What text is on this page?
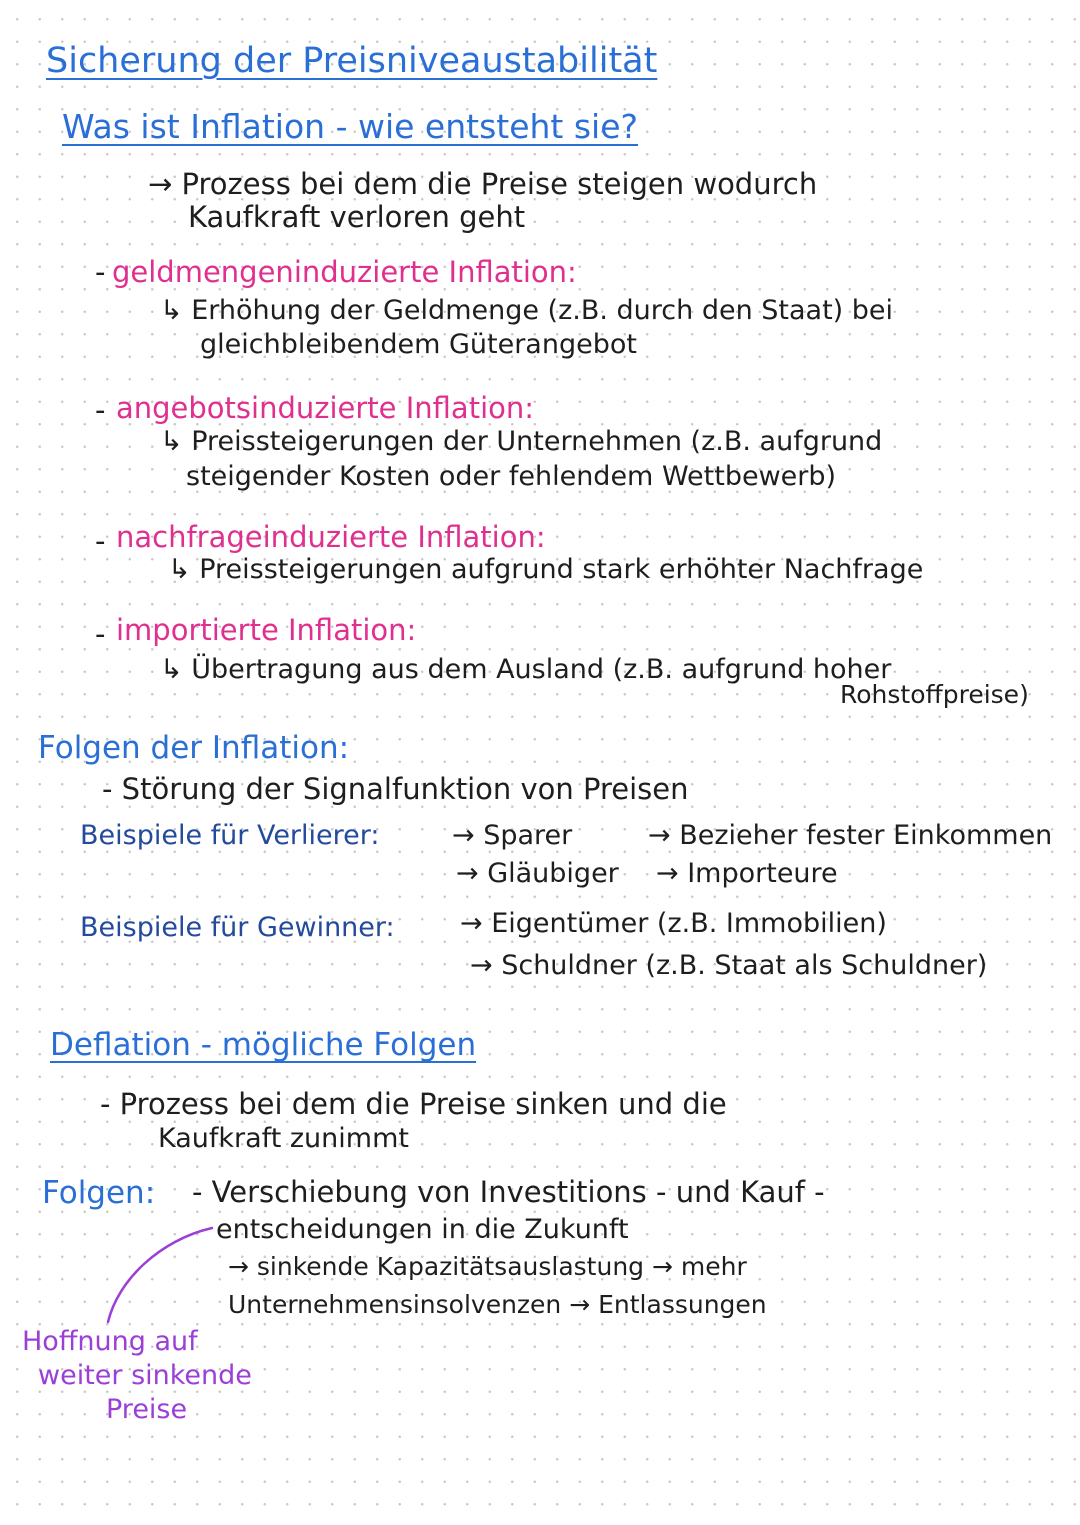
Sicherung der Preisniveaustabilität
Was ist Inflation - wie entsteht sie?
→ Prozess bei dem die Preise steigen wodurch
Kaufkraft verloren geht
- geldmengeninduzierte Inflation:
↳ Erhöhung der Geldmenge (z.B. durch den Staat) bei
gleichbleibendem Güterangebot
- angebotsinduzierte Inflation:
↳ Preissteigerungen der Unternehmen (z.B. aufgrund
steigender Kosten oder fehlendem Wettbewerb)
- nachfrageinduzierte Inflation:
↳ Preissteigerungen aufgrund stark erhöhter Nachfrage
- importierte Inflation:
↳ Übertragung aus dem Ausland (z.B. aufgrund hoher
Rohstoffpreise)
Folgen der Inflation:
- Störung der Signalfunktion von Preisen
Beispiele für Verlierer:	→ Sparer	→ Bezieher fester Einkommen
→ Gläubiger → Importeure
Beispiele für Gewinner: → Eigentümer (z.B. Immobilien)
→ Schuldner (z.B. Staat als Schuldner)
Deflation - mögliche Folgen
- Prozess bei dem die Preise sinken und die
Kaufkraft zunimmt
Folgen: - Verschiebung von Investitions - und Kauf -
entscheidungen in die Zukunft
→ sinkende Kapazitätsauslastung → mehr
Unternehmensinsolvenzen → Entlassungen
Hoffnung auf
weiter sinkende
Preise
